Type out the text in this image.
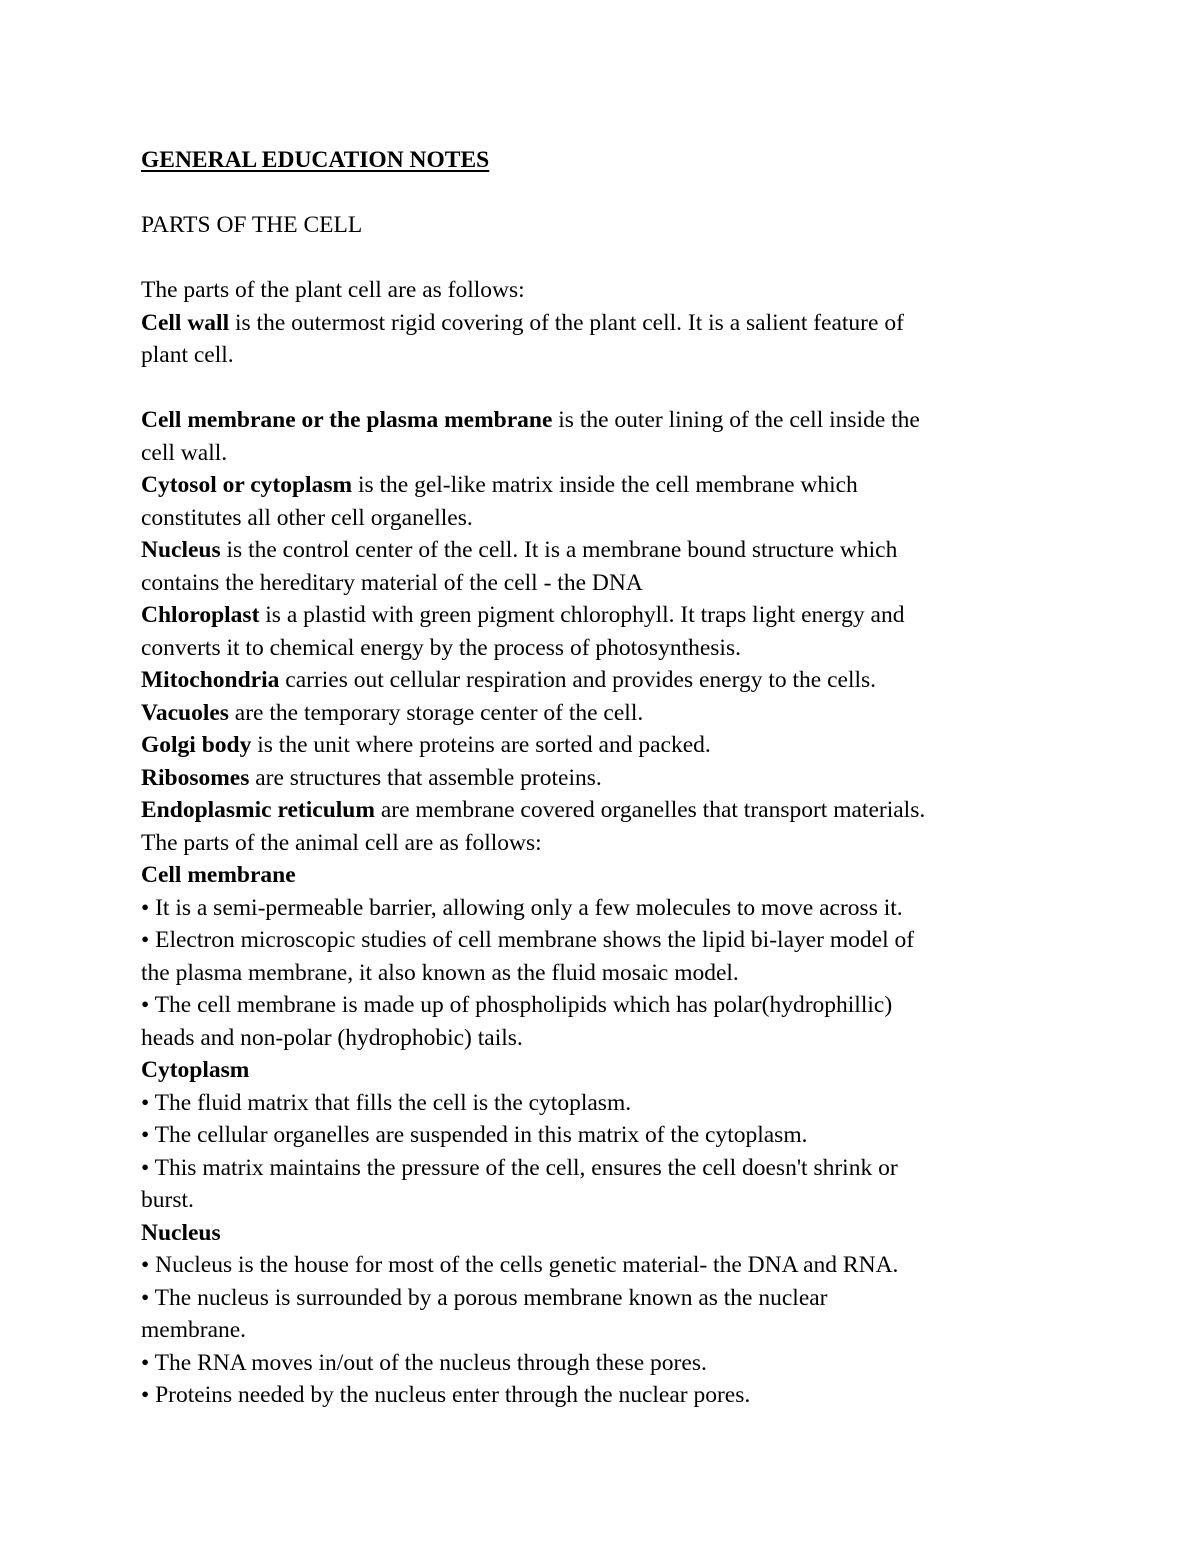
GENERAL EDUCATION NOTES
PARTS OF THE CELL
The parts of the plant cell are as follows:
Cell wall is the outermost rigid covering of the plant cell. It is a salient feature of
plant cell.
Cell membrane or the plasma membrane is the outer lining of the cell inside the
cell wall.
Cytosol or cytoplasm is the gel-like matrix inside the cell membrane which
constitutes all other cell organelles.
Nucleus is the control center of the cell. It is a membrane bound structure which
contains the hereditary material of the cell - the DNA
Chloroplast is a plastid with green pigment chlorophyll. It traps light energy and
converts it to chemical energy by the process of photosynthesis.
Mitochondria carries out cellular respiration and provides energy to the cells.
Vacuoles are the temporary storage center of the cell.
Golgi body is the unit where proteins are sorted and packed.
Ribosomes are structures that assemble proteins.
Endoplasmic reticulum are membrane covered organelles that transport materials.
The parts of the animal cell are as follows:
Cell membrane
• It is a semi-permeable barrier, allowing only a few molecules to move across it.
• Electron microscopic studies of cell membrane shows the lipid bi-layer model of
the plasma membrane, it also known as the fluid mosaic model.
• The cell membrane is made up of phospholipids which has polar(hydrophillic)
heads and non-polar (hydrophobic) tails.
Cytoplasm
• The fluid matrix that fills the cell is the cytoplasm.
• The cellular organelles are suspended in this matrix of the cytoplasm.
• This matrix maintains the pressure of the cell, ensures the cell doesn't shrink or
burst.
Nucleus
• Nucleus is the house for most of the cells genetic material- the DNA and RNA.
• The nucleus is surrounded by a porous membrane known as the nuclear
membrane.
• The RNA moves in/out of the nucleus through these pores.
• Proteins needed by the nucleus enter through the nuclear pores.
